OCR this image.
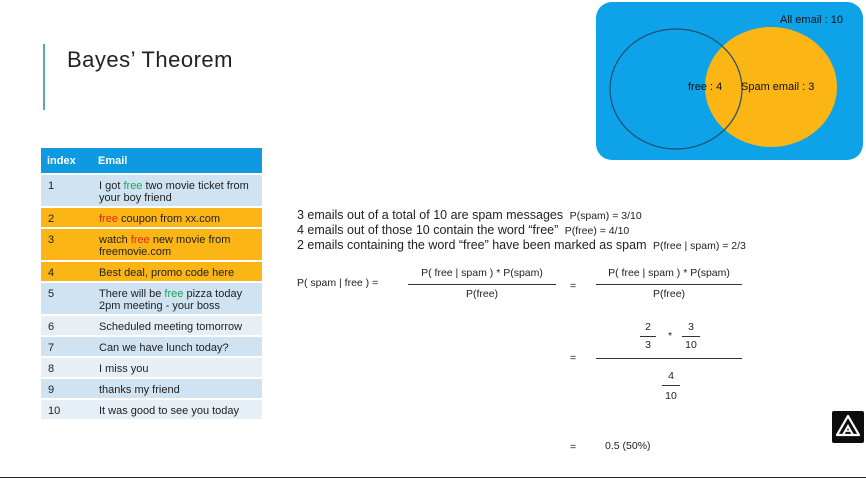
Bayes’ Theorem
All email : 10
free : 4 Spam email : 3
index	Email
1	I got free two movie ticket from your boy friend
2	free coupon from xx.com
3	watch free new movie from freemovie.com
4	Best deal, promo code here
5	There will be free pizza today 2pm meeting - your boss
6	Scheduled meeting tomorrow
7	Can we have lunch today?
8	I miss you
9	thanks my friend
10	It was good to see you today
3 emails out of a total of 10 are spam messages P(spam) = 3/10
4 emails out of those 10 contain the word “free” P(free) = 4/10
2 emails containing the word “free” have been marked as spam P(free | spam) = 2/3
P( spam | free ) =
P( free | spam ) * P(spam)
P(free)
=
P( free | spam ) * P(spam)
P(free)
=
2
3
*
3
10
4
10
=	0.5 (50%)
